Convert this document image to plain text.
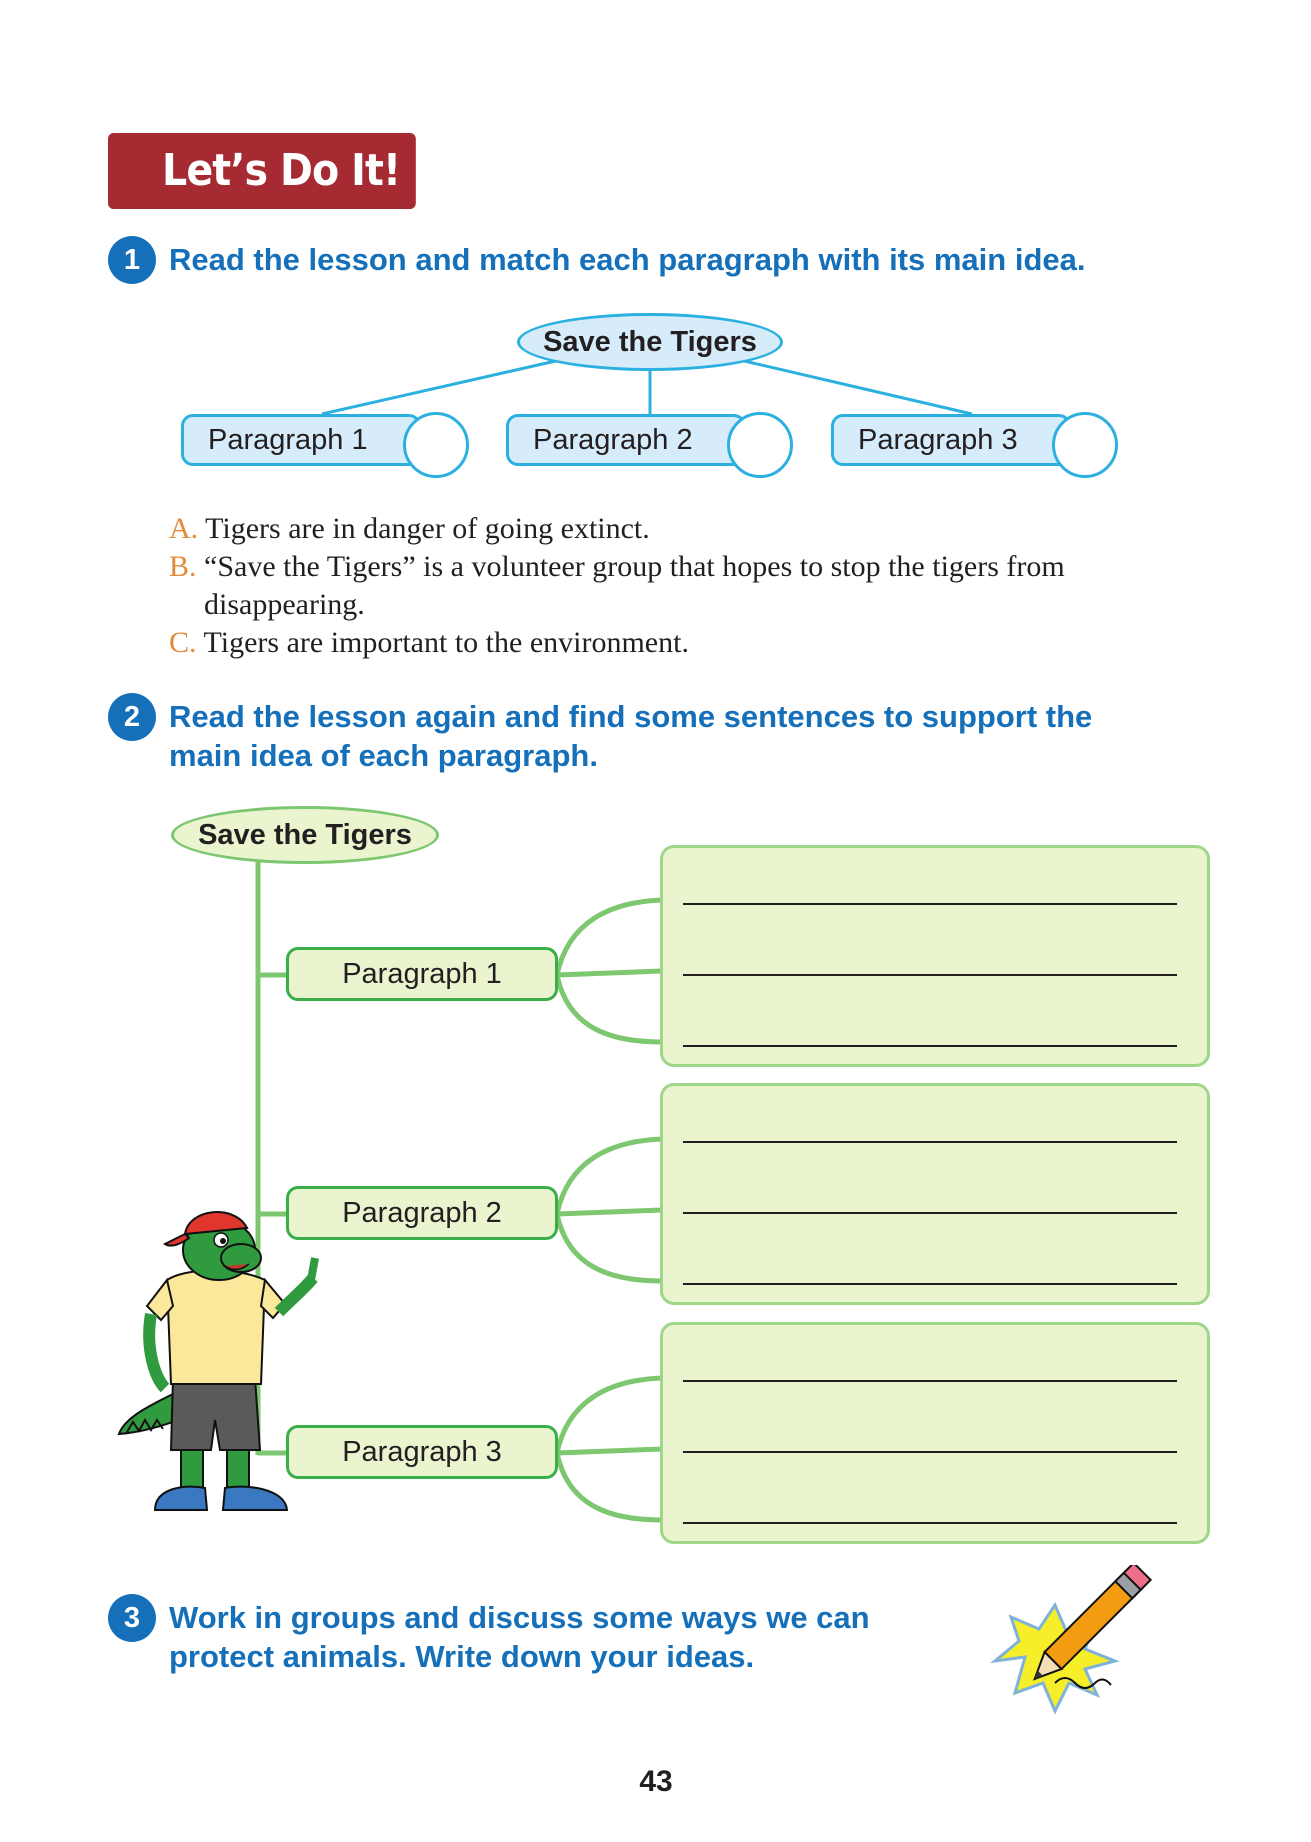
Let’s Do It!
1 Read the lesson and match each paragraph with its main idea.
Save the Tigers
Paragraph 1	Paragraph 2	Paragraph 3
A. Tigers are in danger of going extinct.
B. “Save the Tigers” is a volunteer group that hopes to stop the tigers from
disappearing.
C. Tigers are important to the environment.
2 Read the lesson again and find some sentences to support the
main idea of each paragraph.
Save the Tigers
Paragraph 1
Paragraph 2
Paragraph 3
3 Work in groups and discuss some ways we can
protect animals. Write down your ideas.
43
